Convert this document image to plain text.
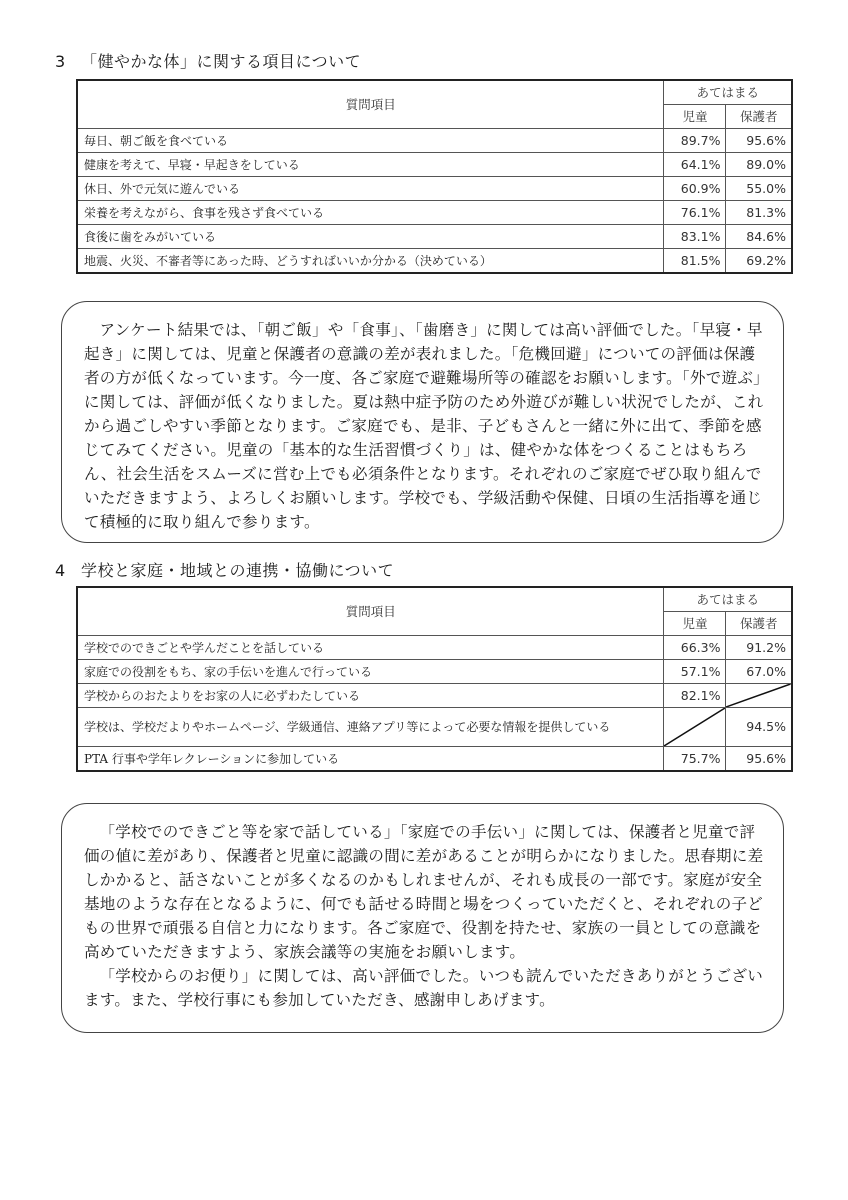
3 「健やかな体」に関する項目について
質問項目	あてはまる	
	児童	保護者
毎日、朝ご飯を食べている	89.7%	95.6%
健康を考えて、早寝・早起きをしている	64.1%	89.0%
休日、外で元気に遊んでいる	60.9%	55.0%
栄養を考えながら、食事を残さず食べている	76.1%	81.3%
食後に歯をみがいている	83.1%	84.6%
地震、火災、不審者等にあった時、どうすればいいか分かる（決めている）	81.5%	69.2%

アンケート結果では、「朝ご飯」や「食事」、「歯磨き」に関しては高い評価でした。「早寝・早起き」に関しては、児童と保護者の意識の差が表れました。「危機回避」についての評価は保護者の方が低くなっています。今一度、各ご家庭で避難場所等の確認をお願いします。「外で遊ぶ」に関しては、評価が低くなりました。夏は熱中症予防のため外遊びが難しい状況でしたが、これから過ごしやすい季節となります。ご家庭でも、是非、子どもさんと一緒に外に出て、季節を感じてみてください。児童の「基本的な生活習慣づくり」は、健やかな体をつくることはもちろん、社会生活をスムーズに営む上でも必須条件となります。それぞれのご家庭でぜひ取り組んでいただきますよう、よろしくお願いします。学校でも、学級活動や保健、日頃の生活指導を通じて積極的に取り組んで参ります。

4 学校と家庭・地域との連携・協働について
質問項目	あてはまる	
	児童	保護者
学校でのできごとや学んだことを話している	66.3%	91.2%
家庭での役割をもち、家の手伝いを進んで行っている	57.1%	67.0%
学校からのおたよりをお家の人に必ずわたしている	82.1%	

学校は、学校だよりやホームページ、学級通信、連絡アプリ等によって必要な情報を提供している		94.5%
PTA 行事や学年レクレーションに参加している	75.7%	95.6%

「学校でのできごと等を家で話している」「家庭での手伝い」に関しては、保護者と児童で評価の値に差があり、保護者と児童に認識の間に差があることが明らかになりました。思春期に差しかかると、話さないことが多くなるのかもしれませんが、それも成長の一部です。家庭が安全基地のような存在となるように、何でも話せる時間と場をつくっていただくと、それぞれの子どもの世界で頑張る自信と力になります。各ご家庭で、役割を持たせ、家族の一員としての意識を高めていただきますよう、家族会議等の実施をお願いします。

「学校からのお便り」に関しては、高い評価でした。いつも読んでいただきありがとうございます。また、学校行事にも参加していただき、感謝申しあげます。
